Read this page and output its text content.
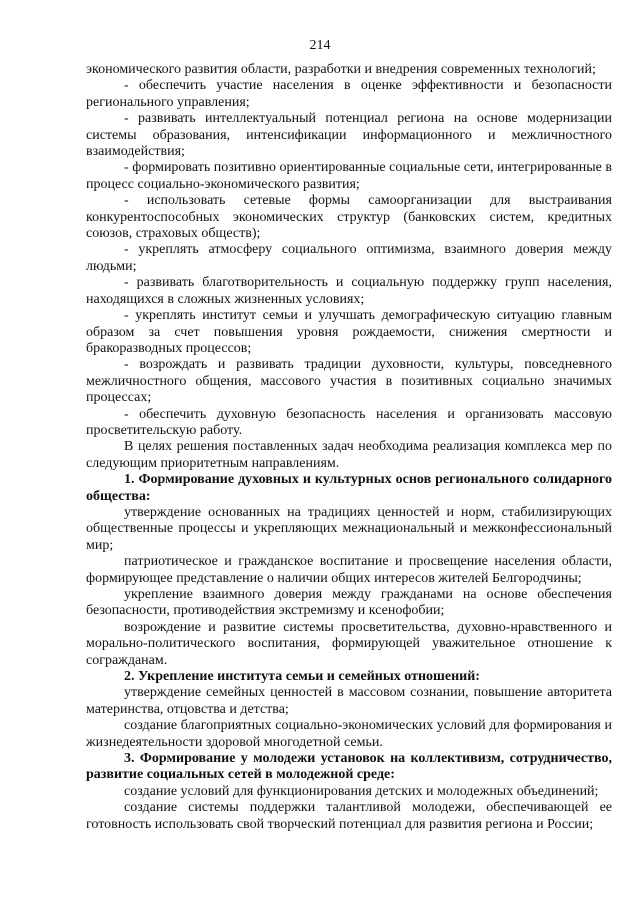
214

экономического развития области, разработки и внедрения современных технологий;

- обеспечить участие населения в оценке эффективности и безопасности регионального управления;

- развивать интеллектуальный потенциал региона на основе модернизации системы образования, интенсификации информационного и межличностного взаимодействия;

- формировать позитивно ориентированные социальные сети, интегрированные в процесс социально-экономического развития;

- использовать сетевые формы самоорганизации для выстраивания конкурентоспособных экономических структур (банковских систем, кредитных союзов, страховых обществ);

- укреплять атмосферу социального оптимизма, взаимного доверия между людьми;

- развивать благотворительность и социальную поддержку групп населения, находящихся в сложных жизненных условиях;

- укреплять институт семьи и улучшать демографическую ситуацию главным образом за счет повышения уровня рождаемости, снижения смертности и бракоразводных процессов;

- возрождать и развивать традиции духовности, культуры, повседневного межличностного общения, массового участия в позитивных социально значимых процессах;

- обеспечить духовную безопасность населения и организовать массовую просветительскую работу.

В целях решения поставленных задач необходима реализация комплекса мер по следующим приоритетным направлениям.

1. Формирование духовных и культурных основ регионального солидарного общества:

утверждение основанных на традициях ценностей и норм, стабилизирующих общественные процессы и укрепляющих межнациональный и межконфессиональный мир;

патриотическое и гражданское воспитание и просвещение населения области, формирующее представление о наличии общих интересов жителей Белгородчины;

укрепление взаимного доверия между гражданами на основе обеспечения безопасности, противодействия экстремизму и ксенофобии;

возрождение и развитие системы просветительства, духовно-нравственного и морально-политического воспитания, формирующей уважительное отношение к согражданам.

2. Укрепление института семьи и семейных отношений:

утверждение семейных ценностей в массовом сознании, повышение авторитета материнства, отцовства и детства;

создание благоприятных социально-экономических условий для формирования и жизнедеятельности здоровой многодетной семьи.

3. Формирование у молодежи установок на коллективизм, сотрудничество, развитие социальных сетей в молодежной среде:

создание условий для функционирования детских и молодежных объединений;

создание системы поддержки талантливой молодежи, обеспечивающей ее готовность использовать свой творческий потенциал для развития региона и России;
